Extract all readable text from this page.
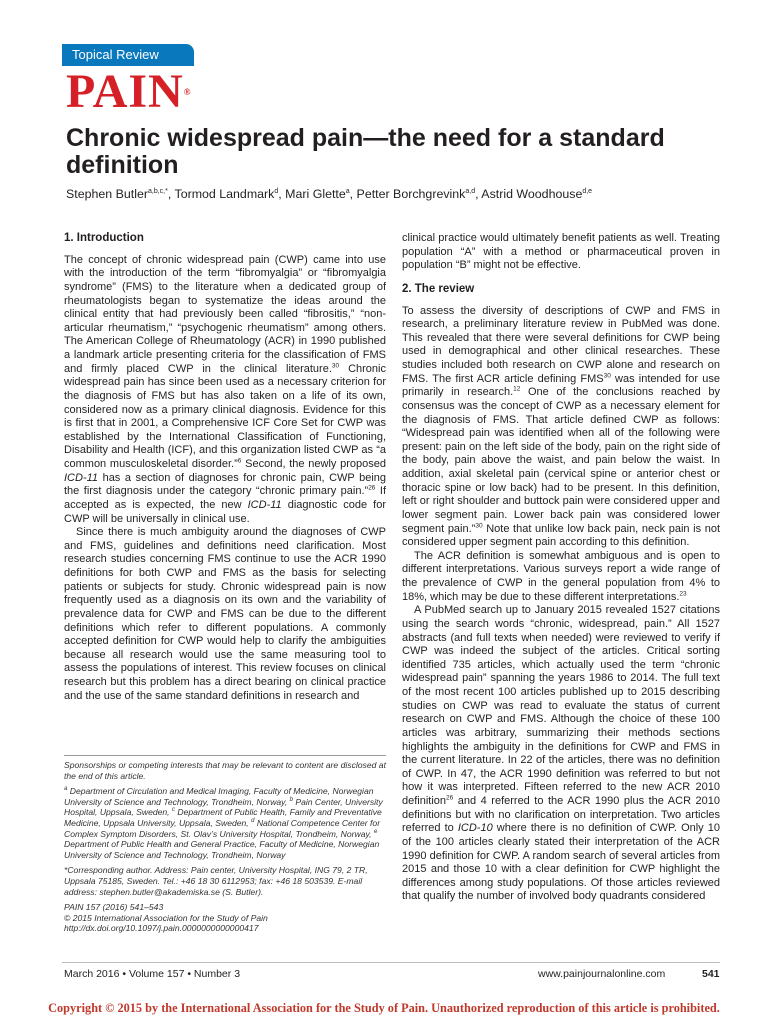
Topical Review
PAIN®
Chronic widespread pain—the need for a standard definition
Stephen Butler$^{a,b,c,*}$, Tormod Landmark$^d$, Mari Glette$^a$, Petter Borchgrevink$^{a,d}$, Astrid Woodhouse$^{d,e}$

1. Introduction

The concept of chronic widespread pain (CWP) came into use with the introduction of the term “fibromyalgia” or “fibromyalgia syndrome” (FMS) to the literature when a dedicated group of rheumatologists began to systematize the ideas around the clinical entity that had previously been called “fibrositis,” “non-articular rheumatism,” “psychogenic rheumatism” among others. The American College of Rheumatology (ACR) in 1990 published a landmark article presenting criteria for the classification of FMS and firmly placed CWP in the clinical literature.$^{30}$ Chronic widespread pain has since been used as a necessary criterion for the diagnosis of FMS but has also taken on a life of its own, considered now as a primary clinical diagnosis. Evidence for this is first that in 2001, a Comprehensive ICF Core Set for CWP was established by the International Classification of Functioning, Disability and Health (ICF), and this organization listed CWP as “a common musculoskeletal disorder.”$^6$ Second, the newly proposed ICD-11 has a section of diagnoses for chronic pain, CWP being the first diagnosis under the category “chronic primary pain.”$^{26}$ If accepted as is expected, the new ICD-11 diagnostic code for CWP will be universally in clinical use.

Since there is much ambiguity around the diagnoses of CWP and FMS, guidelines and definitions need clarification. Most research studies concerning FMS continue to use the ACR 1990 definitions for both CWP and FMS as the basis for selecting patients or subjects for study. Chronic widespread pain is now frequently used as a diagnosis on its own and the variability of prevalence data for CWP and FMS can be due to the different definitions which refer to different populations. A commonly accepted definition for CWP would help to clarify the ambiguities because all research would use the same measuring tool to assess the populations of interest. This review focuses on clinical research but this problem has a direct bearing on clinical practice and the use of the same standard definitions in research and

clinical practice would ultimately benefit patients as well. Treating population “A” with a method or pharmaceutical proven in population “B” might not be effective.

2. The review

To assess the diversity of descriptions of CWP and FMS in research, a preliminary literature review in PubMed was done. This revealed that there were several definitions for CWP being used in demographical and other clinical researches. These studies included both research on CWP alone and research on FMS. The first ACR article defining FMS$^{30}$ was intended for use primarily in research.$^{12}$ One of the conclusions reached by consensus was the concept of CWP as a necessary element for the diagnosis of FMS. That article defined CWP as follows: “Widespread pain was identified when all of the following were present: pain on the left side of the body, pain on the right side of the body, pain above the waist, and pain below the waist. In addition, axial skeletal pain (cervical spine or anterior chest or thoracic spine or low back) had to be present. In this definition, left or right shoulder and buttock pain were considered upper and lower segment pain. Lower back pain was considered lower segment pain.”$^{30}$ Note that unlike low back pain, neck pain is not considered upper segment pain according to this definition.

The ACR definition is somewhat ambiguous and is open to different interpretations. Various surveys report a wide range of the prevalence of CWP in the general population from 4% to 18%, which may be due to these different interpretations.$^{23}$

A PubMed search up to January 2015 revealed 1527 citations using the search words “chronic, widespread, pain.” All 1527 abstracts (and full texts when needed) were reviewed to verify if CWP was indeed the subject of the articles. Critical sorting identified 735 articles, which actually used the term “chronic widespread pain” spanning the years 1986 to 2014. The full text of the most recent 100 articles published up to 2015 describing studies on CWP was read to evaluate the status of current research on CWP and FMS. Although the choice of these 100 articles was arbitrary, summarizing their methods sections highlights the ambiguity in the definitions for CWP and FMS in the current literature. In 22 of the articles, there was no definition of CWP. In 47, the ACR 1990 definition was referred to but not how it was interpreted. Fifteen referred to the new ACR 2010 definition$^{26}$ and 4 referred to the ACR 1990 plus the ACR 2010 definitions but with no clarification on interpretation. Two articles referred to ICD-10 where there is no definition of CWP. Only 10 of the 100 articles clearly stated their interpretation of the ACR 1990 definition for CWP. A random search of several articles from 2015 and those 10 with a clear definition for CWP highlight the differences among study populations. Of those articles reviewed that qualify the number of involved body quadrants considered

Sponsorships or competing interests that may be relevant to content are disclosed at the end of this article.

$^a$ Department of Circulation and Medical Imaging, Faculty of Medicine, Norwegian University of Science and Technology, Trondheim, Norway, $^b$ Pain Center, University Hospital, Uppsala, Sweden, $^c$ Department of Public Health, Family and Preventative Medicine, Uppsala University, Uppsala, Sweden, $^d$ National Competence Center for Complex Symptom Disorders, St. Olav’s University Hospital, Trondheim, Norway, $^e$ Department of Public Health and General Practice, Faculty of Medicine, Norwegian University of Science and Technology, Trondheim, Norway

*Corresponding author. Address: Pain center, University Hospital, ING 79, 2 TR, Uppsala 75185, Sweden. Tel.: +46 18 30 6112953; fax: +46 18 503539. E-mail address: stephen.butler@akademiska.se (S. Butler).

PAIN 157 (2016) 541–543
© 2015 International Association for the Study of Pain
http://dx.doi.org/10.1097/j.pain.0000000000000417

March 2016 • Volume 157 • Number 3	www.painjournalonline.com	541
Copyright © 2015 by the International Association for the Study of Pain. Unauthorized reproduction of this article is prohibited.
